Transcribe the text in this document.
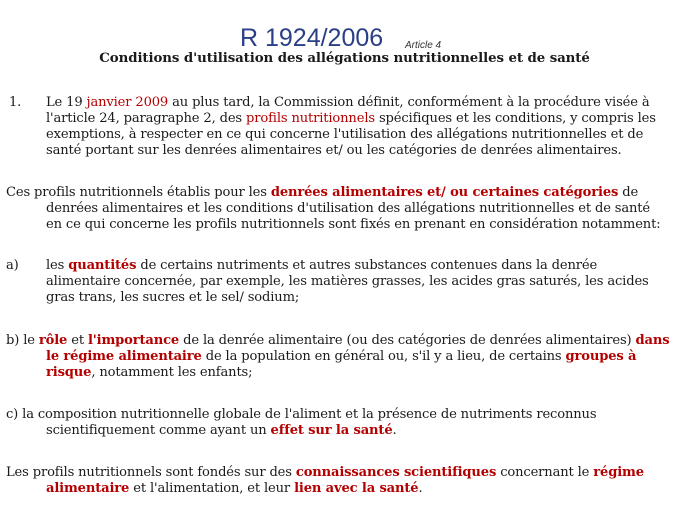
R 1924/2006 Article 4
Conditions d'utilisation des allégations nutritionnelles et de santé
1. Le 19 janvier 2009 au plus tard, la Commission définit, conformément à la procédure visée à
l'article 24, paragraphe 2, des profils nutritionnels spécifiques et les conditions, y compris les
exemptions, à respecter en ce qui concerne l'utilisation des allégations nutritionnelles et de
santé portant sur les denrées alimentaires et/ ou les catégories de denrées alimentaires.
Ces profils nutritionnels établis pour les denrées alimentaires et/ ou certaines catégories de
denrées alimentaires et les conditions d'utilisation des allégations nutritionnelles et de santé
en ce qui concerne les profils nutritionnels sont fixés en prenant en considération notamment:
a) les quantités de certains nutriments et autres substances contenues dans la denrée
alimentaire concernée, par exemple, les matières grasses, les acides gras saturés, les acides
gras trans, les sucres et le sel/ sodium;
b) le rôle et l'importance de la denrée alimentaire (ou des catégories de denrées alimentaires) dans
le régime alimentaire de la population en général ou, s'il y a lieu, de certains groupes à
risque, notamment les enfants;
c) la composition nutritionnelle globale de l'aliment et la présence de nutriments reconnus
scientifiquement comme ayant un effet sur la santé.
Les profils nutritionnels sont fondés sur des connaissances scientifiques concernant le régime
alimentaire et l'alimentation, et leur lien avec la santé.
